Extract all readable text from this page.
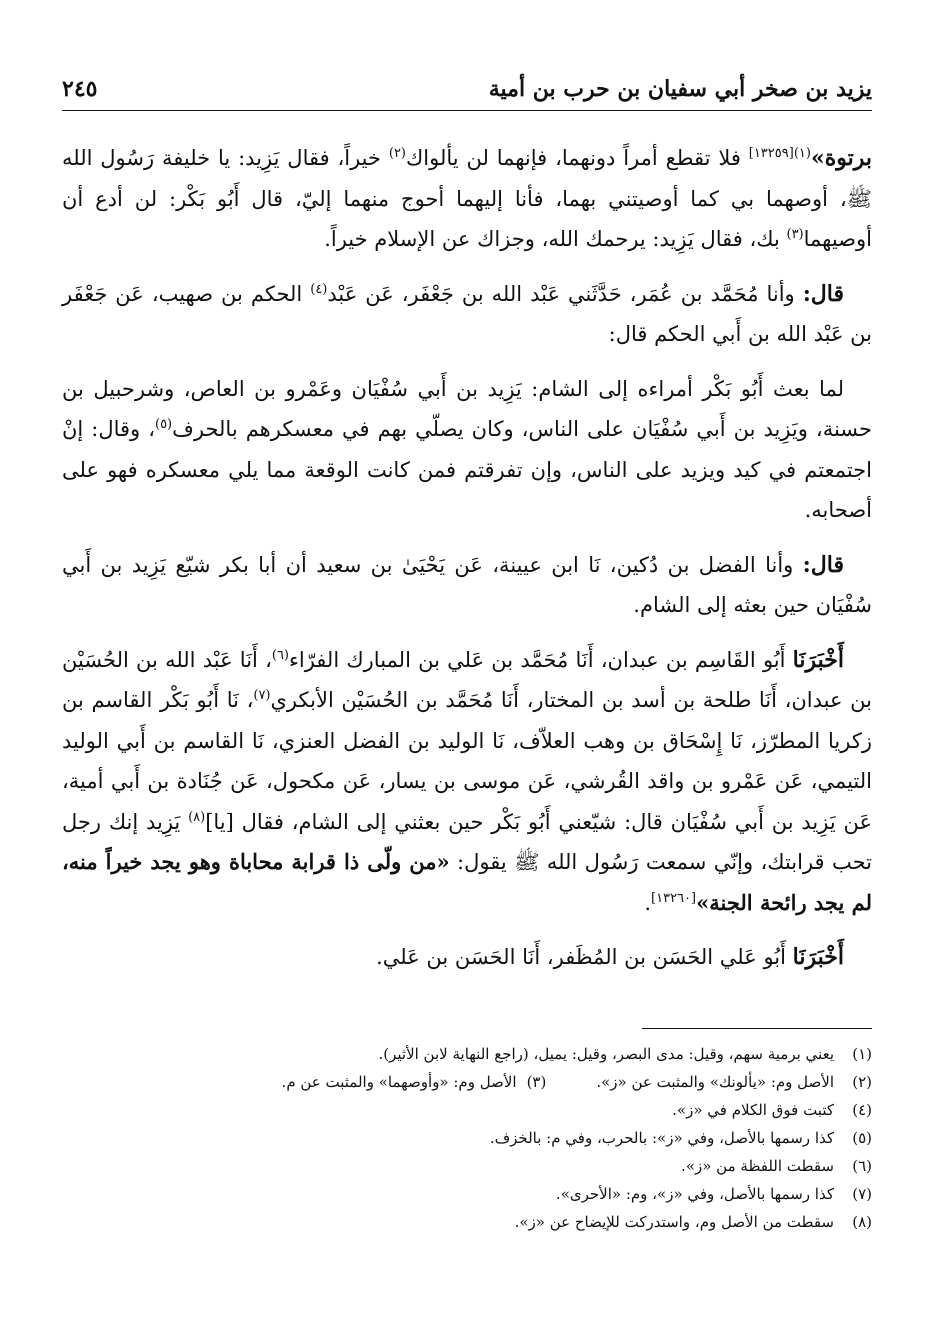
يزيد بن صخر أبي سفيان بن حرب بن أمية
٢٤٥

برتوة»$^{(١)[١٣٢٥٩]}$ فلا تقطع أمراً دونهما، فإنهما لن يألواك$^{(٢)}$ خيراً، فقال يَزِيد: يا خليفة رَسُول الله ﷺ، أوصهما بي كما أوصيتني بهما، فأنا إليهما أحوج منهما إليّ، قال أَبُو بَكْر: لن أدع أن أوصيهما$^{(٣)}$ بك، فقال يَزِيد: يرحمك الله، وجزاك عن الإسلام خيراً.

قال: وأنا مُحَمَّد بن عُمَر، حَدَّثَني عَبْد الله بن جَعْفَر، عَن عَبْد$^{(٤)}$ الحكم بن صهيب، عَن جَعْفَر بن عَبْد الله بن أَبي الحكم قال:

لما بعث أَبُو بَكْر أمراءه إلى الشام: يَزِيد بن أَبي سُفْيَان وعَمْرو بن العاص، وشرحبيل بن حسنة، ويَزِيد بن أَبي سُفْيَان على الناس، وكان يصلّي بهم في معسكرهم بالحرف$^{(٥)}$، وقال: إنْ اجتمعتم في كيد ويزيد على الناس، وإن تفرقتم فمن كانت الوقعة مما يلي معسكره فهو على أصحابه.

قال: وأنا الفضل بن دُكين، نَا ابن عيينة، عَن يَحْيَىٰ بن سعيد أن أبا بكر شيّع يَزِيد بن أَبي سُفْيَان حين بعثه إلى الشام.

أَخْبَرَنَا أَبُو القَاسِم بن عبدان، أَنَا مُحَمَّد بن عَلي بن المبارك الفرّاء$^{(٦)}$، أَنَا عَبْد الله بن الحُسَيْن بن عبدان، أَنَا طلحة بن أسد بن المختار، أَنَا مُحَمَّد بن الحُسَيْن الأبكري$^{(٧)}$، نَا أَبُو بَكْر القاسم بن زكريا المطرّز، نَا إِسْحَاق بن وهب العلاّف، نَا الوليد بن الفضل العنزي، نَا القاسم بن أَبي الوليد التيمي، عَن عَمْرو بن واقد القُرشي، عَن موسى بن يسار، عَن مكحول، عَن جُنَادة بن أَبي أمية، عَن يَزِيد بن أَبي سُفْيَان قال: شيّعني أَبُو بَكْر حين بعثني إلى الشام، فقال [يا]$^{(٨)}$ يَزِيد إنك رجل تحب قرابتك، وإنّي سمعت رَسُول الله ﷺ يقول: «من ولّى ذا قرابة محاباة وهو يجد خيراً منه، لم يجد رائحة الجنة»[١٣٢٦٠].

أَخْبَرَنَا أَبُو عَلي الحَسَن بن المُظَفر، أَنَا الحَسَن بن عَلي.

(١)
يعني برمية سهم، وقيل: مدى البصر، وقيل: يميل، (راجع النهاية لابن الأثير).
(٢)
الأصل وم: «يألونك» والمثبت عن «ز».
(٣)
الأصل وم: «وأوصهما» والمثبت عن م.
(٤)
كتبت فوق الكلام في «ز».
(٥)
كذا رسمها بالأصل، وفي «ز»: بالحرب، وفي م: بالخزف.
(٦)
سقطت اللفظة من «ز».
(٧)
كذا رسمها بالأصل، وفي «ز»، وم: «الأحرى».
(٨)
سقطت من الأصل وم، واستدركت للإيضاح عن «ز».
